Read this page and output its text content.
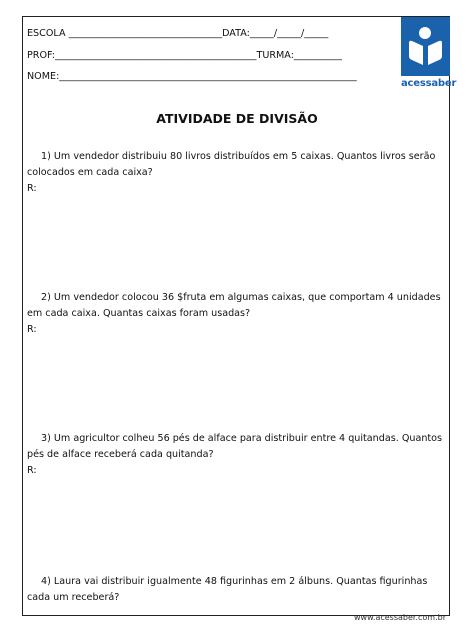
ESCOLA ________________________________DATA:_____/_____/_____
PROF:__________________________________________TURMA:__________
NOME:______________________________________________________________
acessaber
ATIVIDADE DE DIVISÃO

1) Um vendedor distribuiu 80 livros distribuídos em 5 caixas. Quantos livros serão

colocados em cada caixa?

R:

2) Um vendedor colocou 36 $fruta em algumas caixas, que comportam 4 unidades

em cada caixa. Quantas caixas foram usadas?

R:

3) Um agricultor colheu 56 pés de alface para distribuir entre 4 quitandas. Quantos

pés de alface receberá cada quitanda?

R:

4) Laura vai distribuir igualmente 48 figurinhas em 2 álbuns. Quantas figurinhas

cada um receberá?

www.acessaber.com.br
